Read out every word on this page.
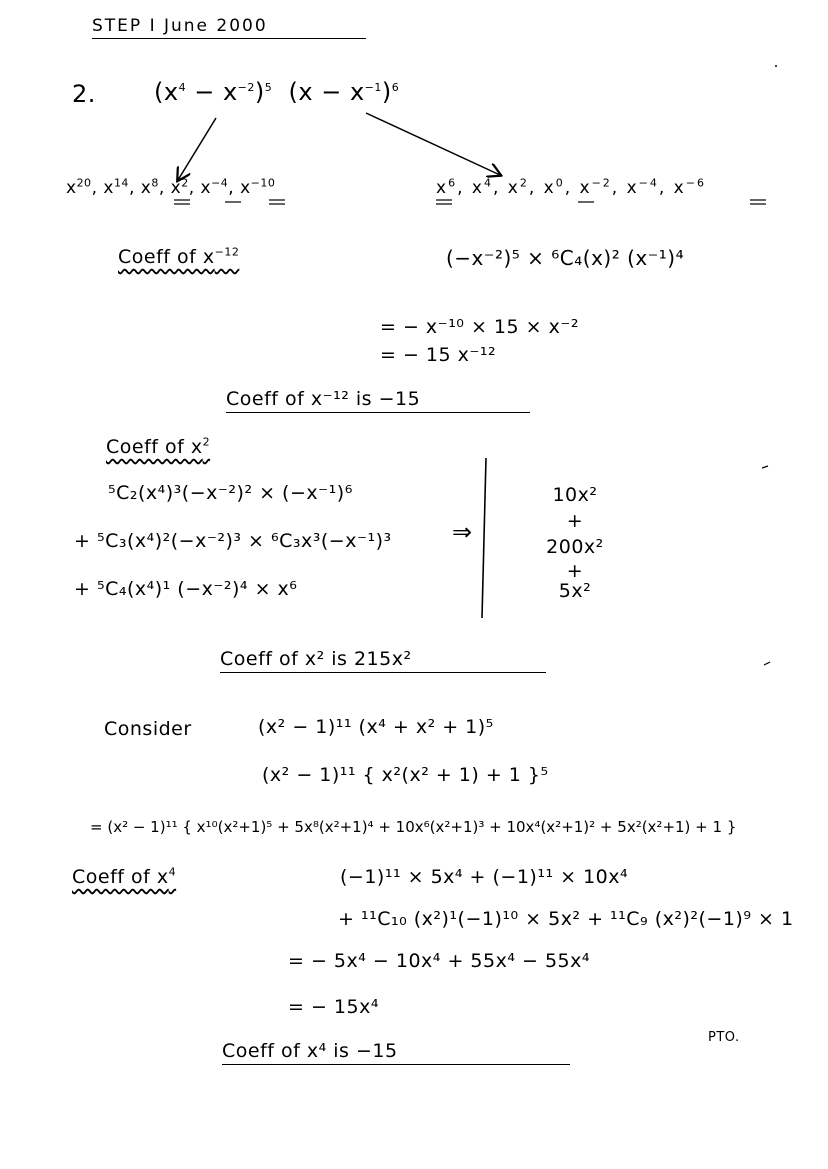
STEP I June 2000
2. $(x^4 - x^{-2})^5$ $(x - x^{-1})^6$
$x^{20}$, $x^{14}$, $x^8$, $x^2$, $x^{-4}$, $x^{-10}$	$x^6$, $x^4$, $x^2$, $x^0$, $x^{-2}$, $x^{-4}$, $x^{-6}$
Coeff of $x^{-12}$	(−x⁻²)⁵ × ⁶C₄(x)² (x⁻¹)⁴
= − x⁻¹⁰ × 15 × x⁻²
= − 15 x⁻¹²
Coeff of x⁻¹² is −15
Coeff of $x^2$
⁵C₂(x⁴)³(−x⁻²)² × (−x⁻¹)⁶
+ ⁵C₃(x⁴)²(−x⁻²)³ × ⁶C₃x³(−x⁻¹)³
+ ⁵C₄(x⁴)¹ (−x⁻²)⁴ × x⁶
⇒
10x²
+
200x²
+
5x²
Coeff of x² is 215x²
Consider	(x² − 1)¹¹ (x⁴ + x² + 1)⁵
(x² − 1)¹¹ { x²(x² + 1) + 1 }⁵
= (x² − 1)¹¹ { x¹⁰(x²+1)⁵ + 5x⁸(x²+1)⁴ + 10x⁶(x²+1)³ + 10x⁴(x²+1)² + 5x²(x²+1) + 1 }
Coeff of $x^4$	(−1)¹¹ × 5x⁴ + (−1)¹¹ × 10x⁴
+ ¹¹C₁₀ (x²)¹(−1)¹⁰ × 5x² + ¹¹C₉ (x²)²(−1)⁹ × 1
= − 5x⁴ − 10x⁴ + 55x⁴ − 55x⁴
= − 15x⁴
PTO.
Coeff of x⁴ is −15
